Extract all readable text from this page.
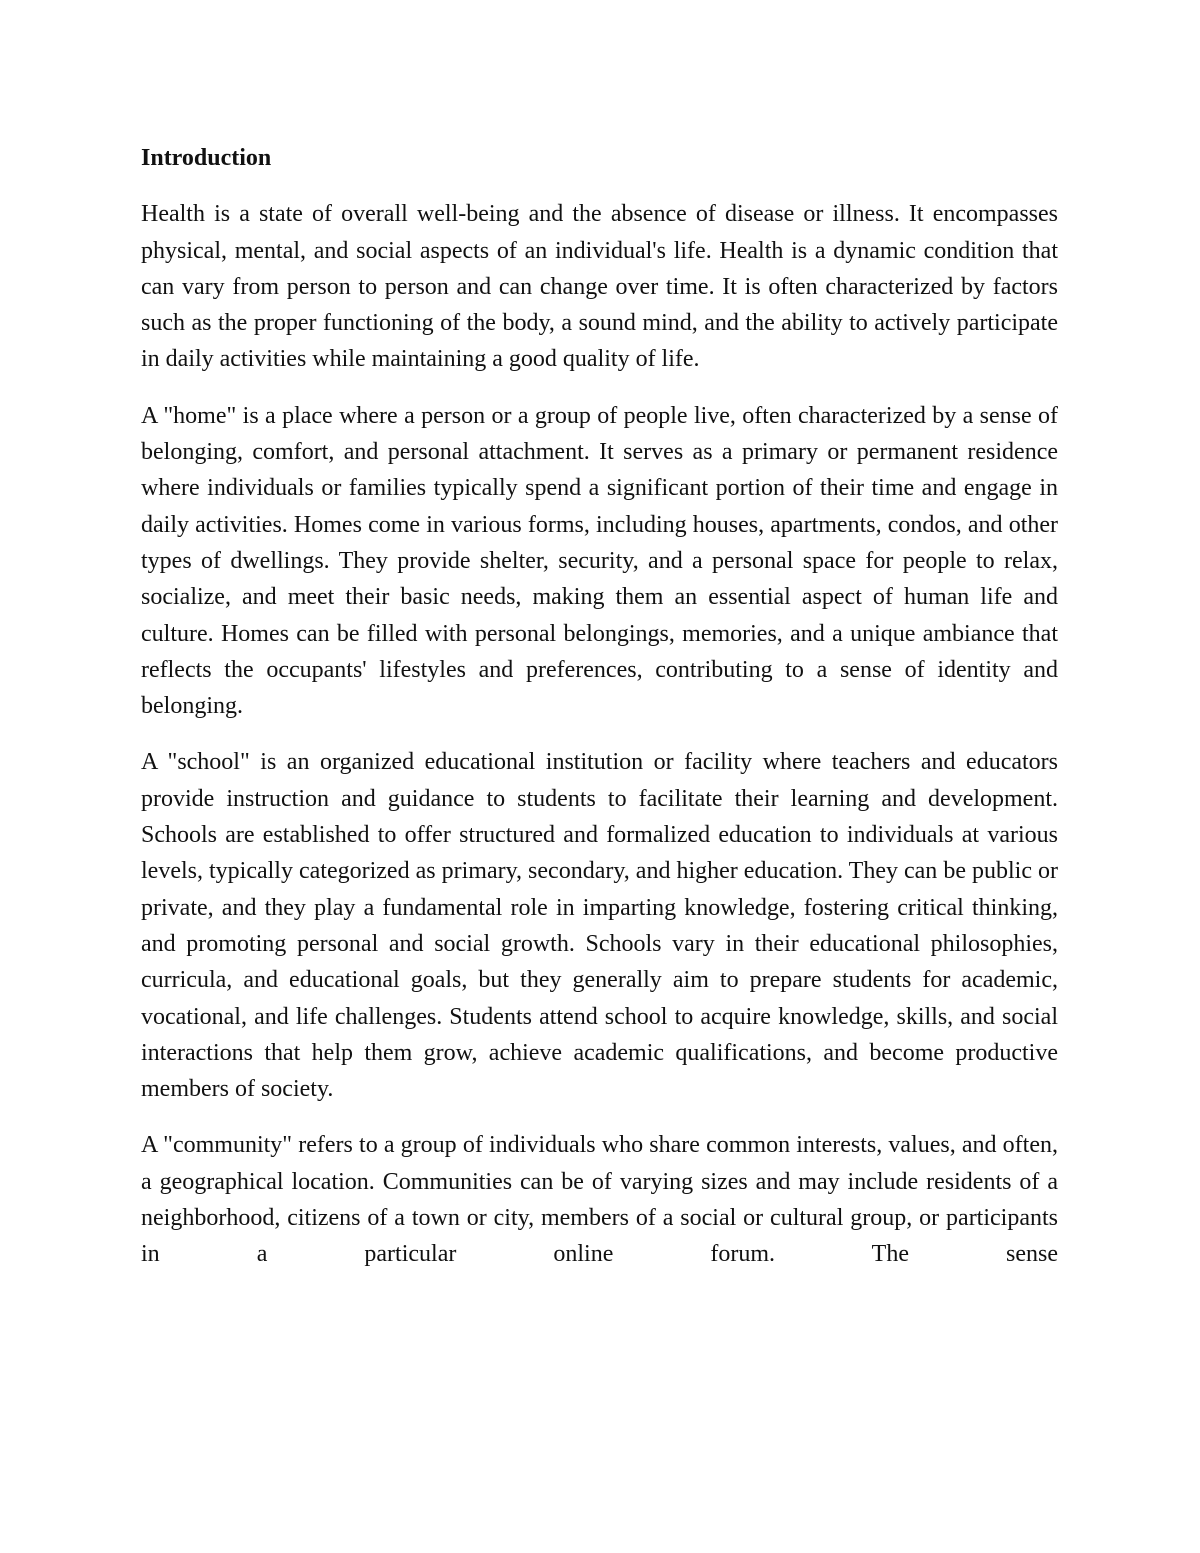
Introduction

Health is a state of overall well-being and the absence of disease or illness. It encompasses physical, mental, and social aspects of an individual's life. Health is a dynamic condition that can vary from person to person and can change over time. It is often characterized by factors such as the proper functioning of the body, a sound mind, and the ability to actively participate in daily activities while maintaining a good quality of life.

A "home" is a place where a person or a group of people live, often characterized by a sense of belonging, comfort, and personal attachment. It serves as a primary or permanent residence where individuals or families typically spend a significant portion of their time and engage in daily activities. Homes come in various forms, including houses, apartments, condos, and other types of dwellings. They provide shelter, security, and a personal space for people to relax, socialize, and meet their basic needs, making them an essential aspect of human life and culture. Homes can be filled with personal belongings, memories, and a unique ambiance that reflects the occupants' lifestyles and preferences, contributing to a sense of identity and belonging.

A "school" is an organized educational institution or facility where teachers and educators provide instruction and guidance to students to facilitate their learning and development. Schools are established to offer structured and formalized education to individuals at various levels, typically categorized as primary, secondary, and higher education. They can be public or private, and they play a fundamental role in imparting knowledge, fostering critical thinking, and promoting personal and social growth. Schools vary in their educational philosophies, curricula, and educational goals, but they generally aim to prepare students for academic, vocational, and life challenges. Students attend school to acquire knowledge, skills, and social interactions that help them grow, achieve academic qualifications, and become productive members of society.

A "community" refers to a group of individuals who share common interests, values, and often, a geographical location. Communities can be of varying sizes and may include residents of a neighborhood, citizens of a town or city, members of a social or cultural group, or participants in a particular online forum. The sense
